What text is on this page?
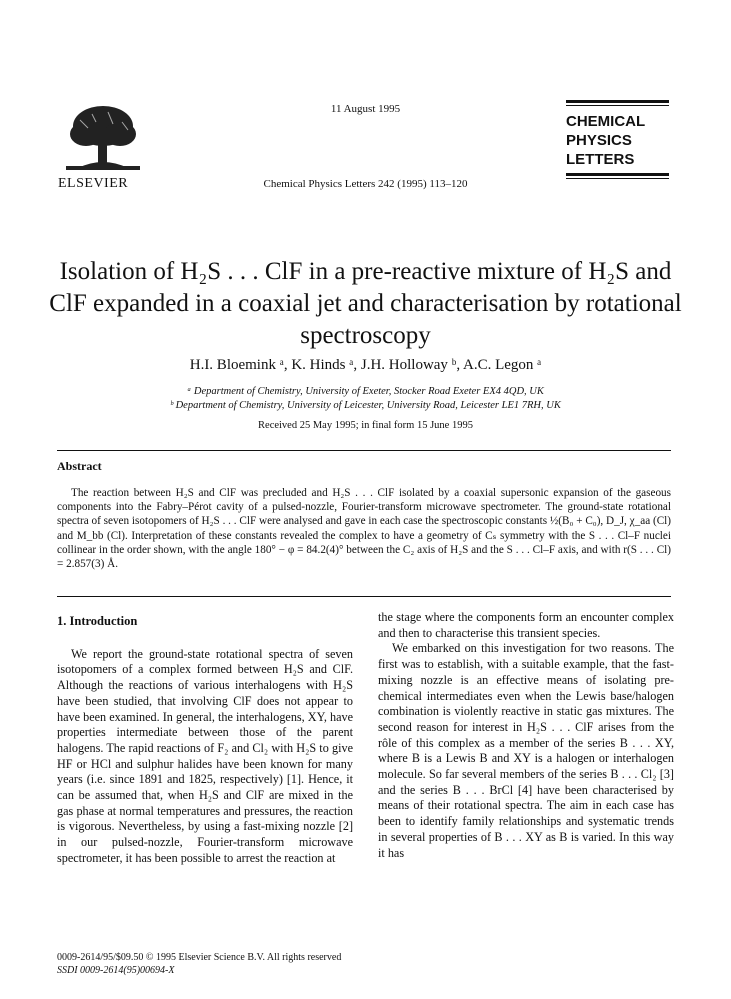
ELSEVIER
11 August 1995
Chemical Physics Letters 242 (1995) 113–120
CHEMICAL
PHYSICS
LETTERS
Isolation of H₂S . . . ClF in a pre-reactive mixture of H₂S and ClF expanded in a coaxial jet and characterisation by rotational spectroscopy
H.I. Bloemink ᵃ, K. Hinds ᵃ, J.H. Holloway ᵇ, A.C. Legon ᵃ
ᵃ Department of Chemistry, University of Exeter, Stocker Road Exeter EX4 4QD, UK
ᵇ Department of Chemistry, University of Leicester, University Road, Leicester LE1 7RH, UK
Received 25 May 1995; in final form 15 June 1995
Abstract

The reaction between H₂S and ClF was precluded and H₂S . . . ClF isolated by a coaxial supersonic expansion of the gaseous components into the Fabry–Pérot cavity of a pulsed-nozzle, Fourier-transform microwave spectrometer. The ground-state rotational spectra of seven isotopomers of H₂S . . . ClF were analysed and gave in each case the spectroscopic constants ½(B₀ + C₀), D_J, χ_aa (Cl) and M_bb (Cl). Interpretation of these constants revealed the complex to have a geometry of Cₛ symmetry with the S . . . Cl–F nuclei collinear in the order shown, with the angle 180° − φ = 84.2(4)° between the C₂ axis of H₂S and the S . . . Cl–F axis, and with r(S . . . Cl) = 2.857(3) Å.

1. Introduction

We report the ground-state rotational spectra of seven isotopomers of a complex formed between H₂S and ClF. Although the reactions of various interhalogens with H₂S have been studied, that involving ClF does not appear to have been examined. In general, the interhalogens, XY, have properties intermediate between those of the parent halogens. The rapid reactions of F₂ and Cl₂ with H₂S to give HF or HCl and sulphur halides have been known for many years (i.e. since 1891 and 1825, respectively) [1]. Hence, it can be assumed that, when H₂S and ClF are mixed in the gas phase at normal temperatures and pressures, the reaction is vigorous. Nevertheless, by using a fast-mixing nozzle [2] in our pulsed-nozzle, Fourier-transform microwave spectrometer, it has been possible to arrest the reaction at

the stage where the components form an encounter complex and then to characterise this transient species.

We embarked on this investigation for two reasons. The first was to establish, with a suitable example, that the fast-mixing nozzle is an effective means of isolating pre-chemical intermediates even when the Lewis base/halogen combination is violently reactive in static gas mixtures. The second reason for interest in H₂S . . . ClF arises from the rôle of this complex as a member of the series B . . . XY, where B is a Lewis B and XY is a halogen or interhalogen molecule. So far several members of the series B . . . Cl₂ [3] and the series B . . . BrCl [4] have been characterised by means of their rotational spectra. The aim in each case has been to identify family relationships and systematic trends in several properties of B . . . XY as B is varied. In this way it has

0009-2614/95/$09.50 © 1995 Elsevier Science B.V. All rights reserved
SSDI 0009-2614(95)00694-X
